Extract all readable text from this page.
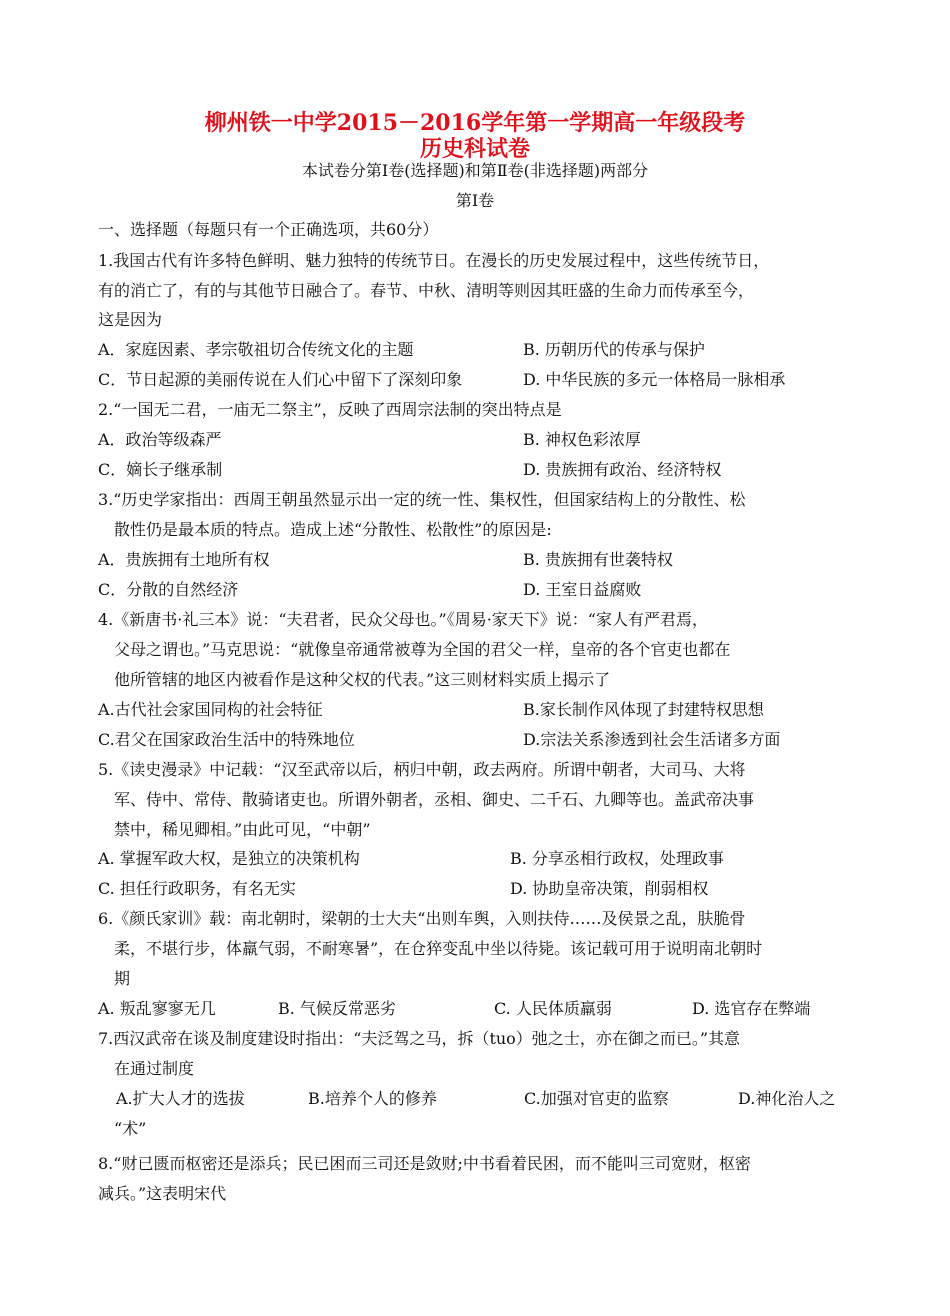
柳州铁一中学2015－2016学年第一学期高一年级段考
历史科试卷
本试卷分第Ⅰ卷(选择题)和第Ⅱ卷(非选择题)两部分
第Ⅰ卷
一、选择题（每题只有一个正确选项，共60分）
1.我国古代有许多特色鲜明、魅力独特的传统节日。在漫长的历史发展过程中，这些传统节日，
有的消亡了，有的与其他节日融合了。春节、中秋、清明等则因其旺盛的生命力而传承至今，
这是因为
A．家庭因素、孝宗敬祖切合传统文化的主题	B. 历朝历代的传承与保护
C．节日起源的美丽传说在人们心中留下了深刻印象	D. 中华民族的多元一体格局一脉相承
2.“一国无二君，一庙无二祭主”，反映了西周宗法制的突出特点是
A．政治等级森严	B. 神权色彩浓厚
C．嫡长子继承制	D. 贵族拥有政治、经济特权
3.“历史学家指出：西周王朝虽然显示出一定的统一性、集权性，但国家结构上的分散性、松
散性仍是最本质的特点。造成上述“分散性、松散性”的原因是:
A．贵族拥有土地所有权	B. 贵族拥有世袭特权
C．分散的自然经济	D. 王室日益腐败
4.《新唐书·礼三本》说：“夫君者，民众父母也。”《周易·家天下》说：“家人有严君焉，
父母之谓也。”马克思说：“就像皇帝通常被尊为全国的君父一样，皇帝的各个官吏也都在
他所管辖的地区内被看作是这种父权的代表。”这三则材料实质上揭示了
A.古代社会家国同构的社会特征	B.家长制作风体现了封建特权思想
C.君父在国家政治生活中的特殊地位	D.宗法关系渗透到社会生活诸多方面
5.《读史漫录》中记载：“汉至武帝以后，柄归中朝，政去两府。所谓中朝者，大司马、大将
军、侍中、常侍、散骑诸吏也。所谓外朝者，丞相、御史、二千石、九卿等也。盖武帝决事
禁中，稀见卿相。”由此可见，“中朝”
A. 掌握军政大权，是独立的决策机构	B. 分享丞相行政权，处理政事
C. 担任行政职务，有名无实	D. 协助皇帝决策，削弱相权
6.《颜氏家训》载：南北朝时，梁朝的士大夫“出则车舆，入则扶侍……及侯景之乱，肤脆骨
柔，不堪行步，体羸气弱，不耐寒暑”，在仓猝变乱中坐以待毙。该记载可用于说明南北朝时
期
A. 叛乱寥寥无几	B. 气候反常恶劣	C. 人民体质羸弱	D. 选官存在弊端
7.西汉武帝在谈及制度建设时指出：“夫泛驾之马，拆（tuo）弛之士，亦在御之而已。”其意
在通过制度
A.扩大人才的选拔	B.培养个人的修养	C.加强对官吏的监察	D.神化治人之
“术”
8.“财已匮而枢密还是添兵；民已困而三司还是敛财;中书看着民困，而不能叫三司宽财，枢密
减兵。”这表明宋代
